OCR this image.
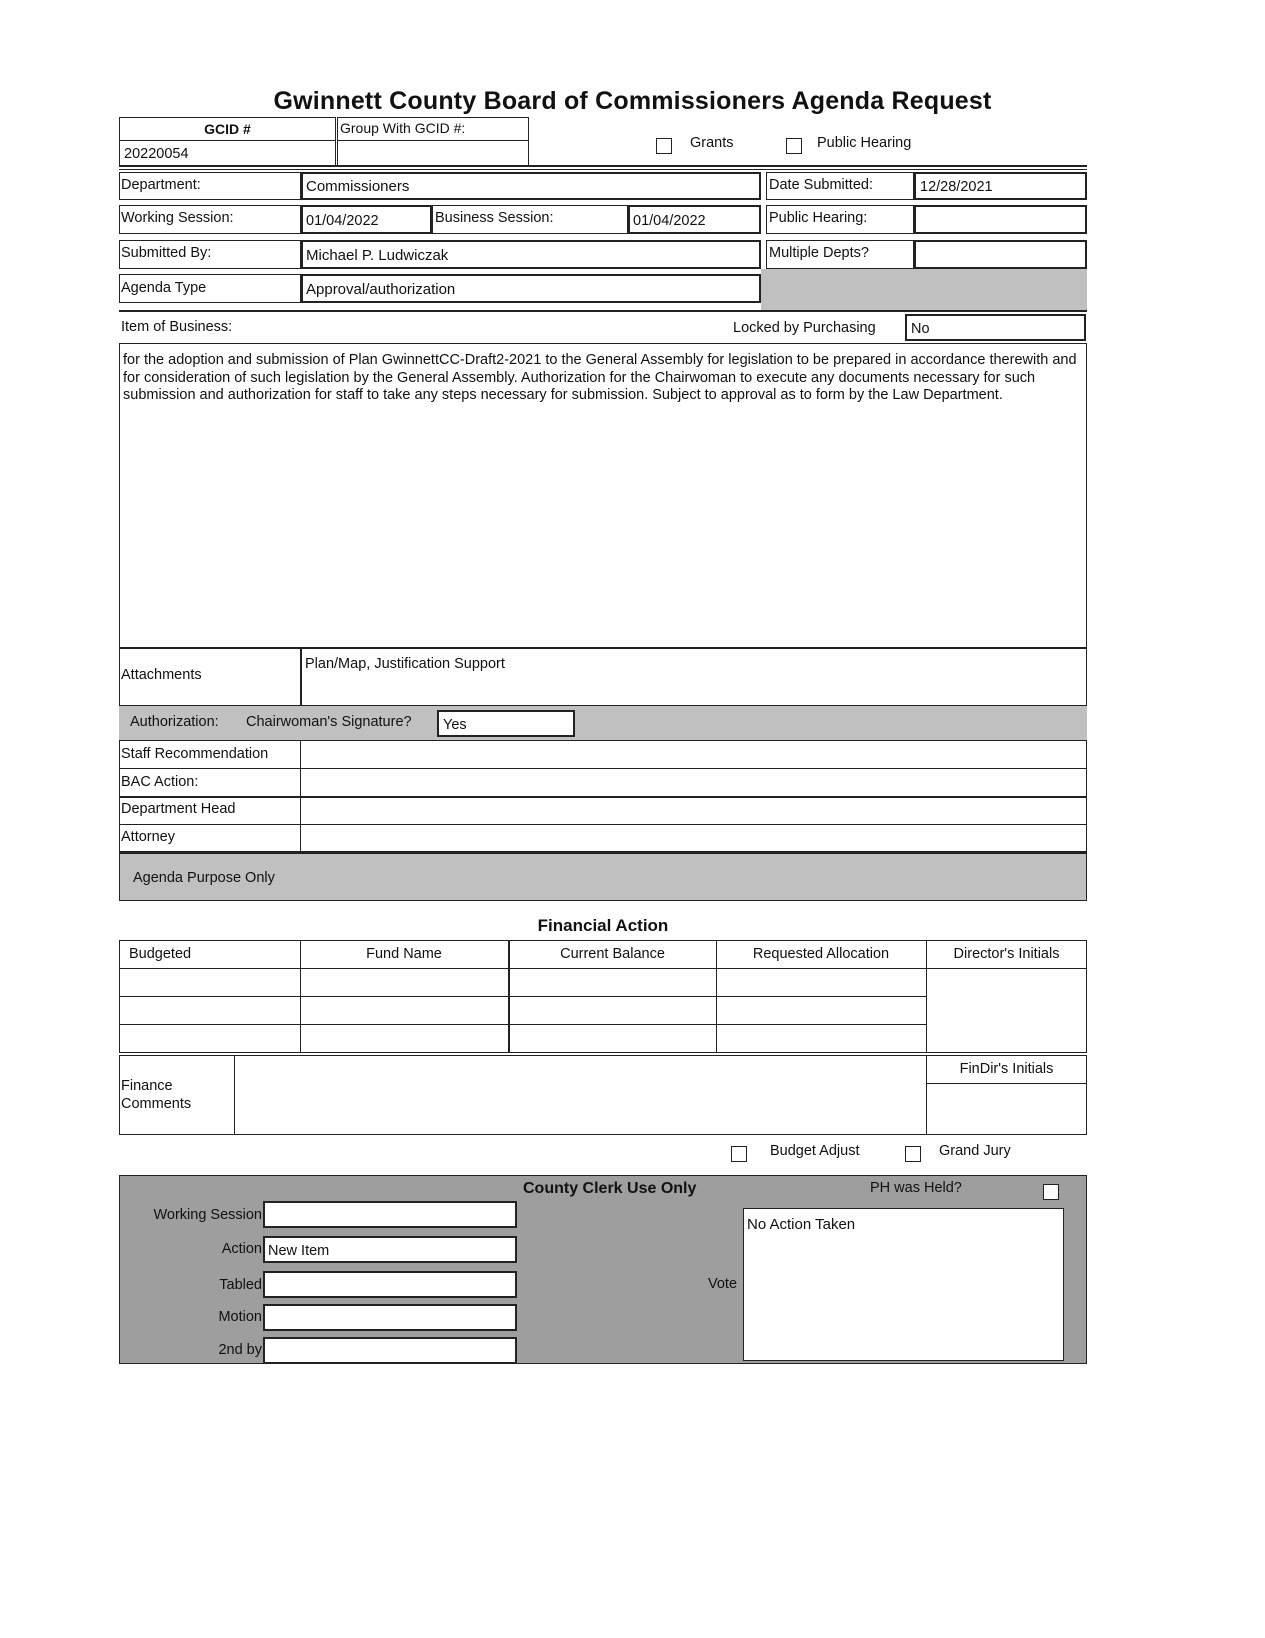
Gwinnett County Board of Commissioners Agenda Request
GCID #
20220054
Group With GCID #:
Grants	Public Hearing
Department:	Commissioners	Date Submitted:	12/28/2021
Working Session:	01/04/2022	Business Session:	01/04/2022	Public Hearing:
Submitted By:	Michael P. Ludwiczak	Multiple Depts?
Agenda Type	Approval/authorization
Item of Business:	Locked by Purchasing No
for the adoption and submission of Plan GwinnettCC-Draft2-2021 to the General Assembly for legislation to be prepared in accordance therewith and for consideration of such legislation by the General Assembly. Authorization for the Chairwoman to execute any documents necessary for such submission and authorization for staff to take any steps necessary for submission. Subject to approval as to form by the Law Department.
Attachments
Plan/Map, Justification Support
Authorization: Chairwoman's Signature? Yes
Staff Recommendation
BAC Action:
Department Head
Attorney
Agenda Purpose Only
Financial Action
Budgeted	Fund Name	Current Balance	Requested Allocation	Director's Initials
Finance
Comments
FinDir's Initials
Budget Adjust	Grand Jury
County Clerk Use Only	PH was Held?
Working Session
Action New Item
Tabled
Motion
2nd by
Vote
No Action Taken
